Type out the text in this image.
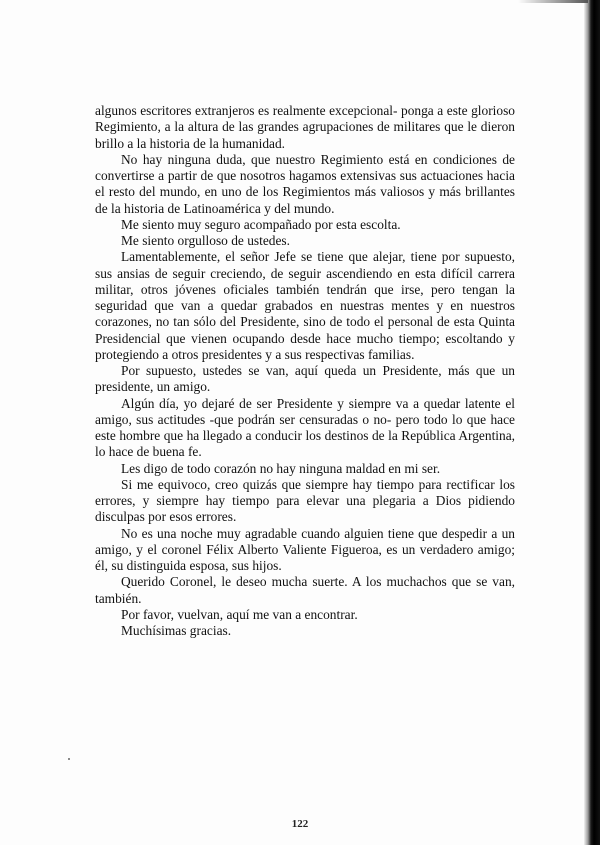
algunos escritores extranjeros es realmente excepcional- ponga a este glorioso Regimiento, a la altura de las grandes agrupaciones de militares que le dieron brillo a la historia de la humanidad.

No hay ninguna duda, que nuestro Regimiento está en condiciones de convertirse a partir de que nosotros hagamos extensivas sus actuaciones hacia el resto del mundo, en uno de los Regimientos más valiosos y más brillantes de la historia de Latinoamérica y del mundo.

Me siento muy seguro acompañado por esta escolta.

Me siento orgulloso de ustedes.

Lamentablemente, el señor Jefe se tiene que alejar, tiene por supuesto, sus ansias de seguir creciendo, de seguir ascendiendo en esta difícil carrera militar, otros jóvenes oficiales también tendrán que irse, pero tengan la seguridad que van a quedar grabados en nuestras mentes y en nuestros corazones, no tan sólo del Presidente, sino de todo el personal de esta Quinta Presidencial que vienen ocupando desde hace mucho tiempo; escoltando y protegiendo a otros presidentes y a sus respectivas familias.

Por supuesto, ustedes se van, aquí queda un Presidente, más que un presidente, un amigo.

Algún día, yo dejaré de ser Presidente y siempre va a quedar latente el amigo, sus actitudes -que podrán ser censuradas o no- pero todo lo que hace este hombre que ha llegado a conducir los destinos de la República Argentina, lo hace de buena fe.

Les digo de todo corazón no hay ninguna maldad en mi ser.

Si me equivoco, creo quizás que siempre hay tiempo para rectificar los errores, y siempre hay tiempo para elevar una plegaria a Dios pidiendo disculpas por esos errores.

No es una noche muy agradable cuando alguien tiene que despedir a un amigo, y el coronel Félix Alberto Valiente Figueroa, es un verdadero amigo; él, su distinguida esposa, sus hijos.

Querido Coronel, le deseo mucha suerte. A los muchachos que se van, también.

Por favor, vuelvan, aquí me van a encontrar.

Muchísimas gracias.

122
